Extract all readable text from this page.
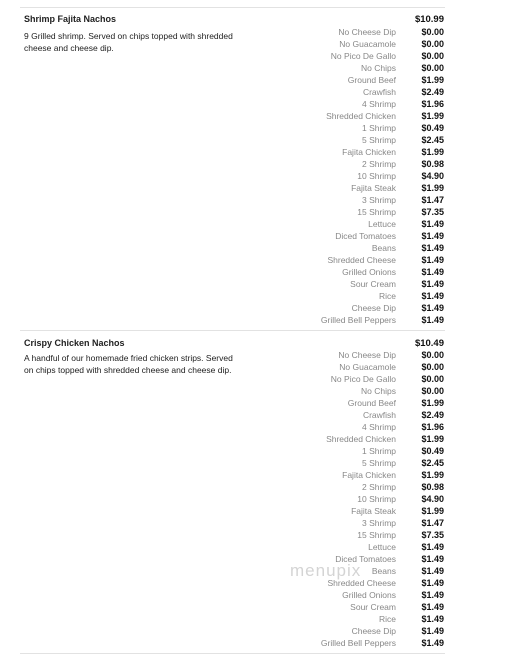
Shrimp Fajita Nachos
9 Grilled shrimp. Served on chips topped with shredded cheese and cheese dip.
$10.99
No Cheese Dip	$0.00
No Guacamole	$0.00
No Pico De Gallo	$0.00
No Chips	$0.00
Ground Beef	$1.99
Crawfish	$2.49
4 Shrimp	$1.96
Shredded Chicken	$1.99
1 Shrimp	$0.49
5 Shrimp	$2.45
Fajita Chicken	$1.99
2 Shrimp	$0.98
10 Shrimp	$4.90
Fajita Steak	$1.99
3 Shrimp	$1.47
15 Shrimp	$7.35
Lettuce	$1.49
Diced Tomatoes	$1.49
Beans	$1.49
Shredded Cheese	$1.49
Grilled Onions	$1.49
Sour Cream	$1.49
Rice	$1.49
Cheese Dip	$1.49
Grilled Bell Peppers	$1.49
Crispy Chicken Nachos
A handful of our homemade fried chicken strips. Served on chips topped with shredded cheese and cheese dip.
$10.49
No Cheese Dip	$0.00
No Guacamole	$0.00
No Pico De Gallo	$0.00
No Chips	$0.00
Ground Beef	$1.99
Crawfish	$2.49
4 Shrimp	$1.96
Shredded Chicken	$1.99
1 Shrimp	$0.49
5 Shrimp	$2.45
Fajita Chicken	$1.99
2 Shrimp	$0.98
10 Shrimp	$4.90
Fajita Steak	$1.99
3 Shrimp	$1.47
15 Shrimp	$7.35
Lettuce	$1.49
Diced Tomatoes	$1.49
Beans	$1.49
Shredded Cheese	$1.49
Grilled Onions	$1.49
Sour Cream	$1.49
Rice	$1.49
Cheese Dip	$1.49
Grilled Bell Peppers	$1.49
menupix
